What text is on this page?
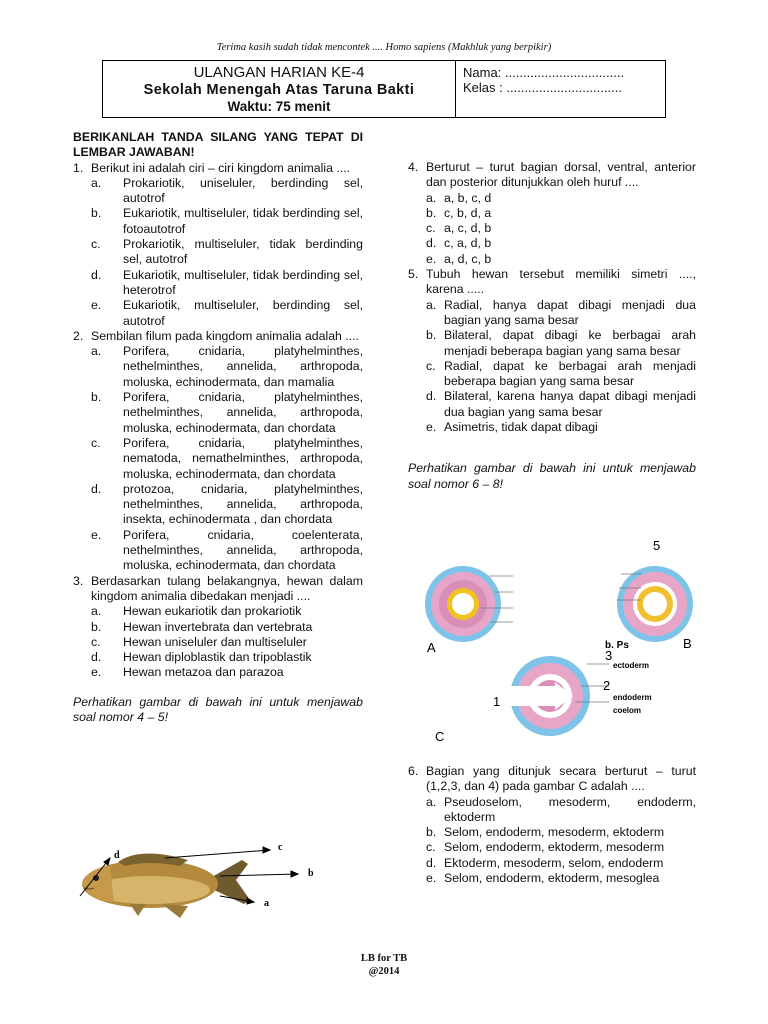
Terima kasih sudah tidak mencontek .... Homo sapiens (Makhluk yang berpikir)
ULANGAN HARIAN KE-4
Sekolah Menengah Atas Taruna Bakti
Waktu: 75 menit
Nama: .................................
Kelas : ................................
BERIKANLAH TANDA SILANG YANG TEPAT DI LEMBAR JAWABAN!
1. Berikut ini adalah ciri – ciri kingdom animalia ....
a. Prokariotik, uniseluler, berdinding sel, autotrof
b. Eukariotik, multiseluler, tidak berdinding sel, fotoautotrof
c. Prokariotik, multiseluler, tidak berdinding sel, autotrof
d. Eukariotik, multiseluler, tidak berdinding sel, heterotrof
e. Eukariotik, multiseluler, berdinding sel, autotrof
2. Sembilan filum pada kingdom animalia adalah ....
a. Porifera, cnidaria, platyhelminthes, nethelminthes, annelida, arthropoda, moluska, echinodermata, dan mamalia
b. Porifera, cnidaria, platyhelminthes, nethelminthes, annelida, arthropoda, moluska, echinodermata, dan chordata
c. Porifera, cnidaria, platyhelminthes, nematoda, nemathelminthes, arthropoda, moluska, echinodermata, dan chordata
d. protozoa, cnidaria, platyhelminthes, nethelminthes, annelida, arthropoda, insekta, echinodermata , dan chordata
e. Porifera, cnidaria, coelenterata, nethelminthes, annelida, arthropoda, moluska, echinodermata, dan chordata
3. Berdasarkan tulang belakangnya, hewan dalam kingdom animalia dibedakan menjadi ....
a. Hewan eukariotik dan prokariotik
b. Hewan invertebrata dan vertebrata
c. Hewan uniseluler dan multiseluler
d. Hewan diploblastik dan tripoblastik
e. Hewan metazoa dan parazoa
Perhatikan gambar di bawah ini untuk menjawab soal nomor 4 – 5!
d
c
b
a
4. Berturut – turut bagian dorsal, ventral, anterior dan posterior ditunjukkan oleh huruf ....
a. a, b, c, d
b. c, b, d, a
c. a, c, d, b
d. c, a, d, b
e. a, d, c, b
5. Tubuh hewan tersebut memiliki simetri ...., karena .....
a. Radial, hanya dapat dibagi menjadi dua bagian yang sama besar
b. Bilateral, dapat dibagi ke berbagai arah menjadi beberapa bagian yang sama besar
c. Radial, dapat ke berbagai arah menjadi beberapa bagian yang sama besar
d. Bilateral, karena hanya dapat dibagi menjadi dua bagian yang sama besar
e. Asimetris, tidak dapat dibagi
Perhatikan gambar di bawah ini untuk menjawab soal nomor 6 – 8!
A
5
b. Ps	B
3
ectoderm
2
endoderm
coelom
1
C
6. Bagian yang ditunjuk secara berturut – turut (1,2,3, dan 4) pada gambar C adalah ....
a. Pseudoselom, mesoderm, endoderm, ektoderm
b. Selom, endoderm, mesoderm, ektoderm
c. Selom, endoderm, ektoderm, mesoderm
d. Ektoderm, mesoderm, selom, endoderm
e. Selom, endoderm, ektoderm, mesoglea
LB for TB
@2014
